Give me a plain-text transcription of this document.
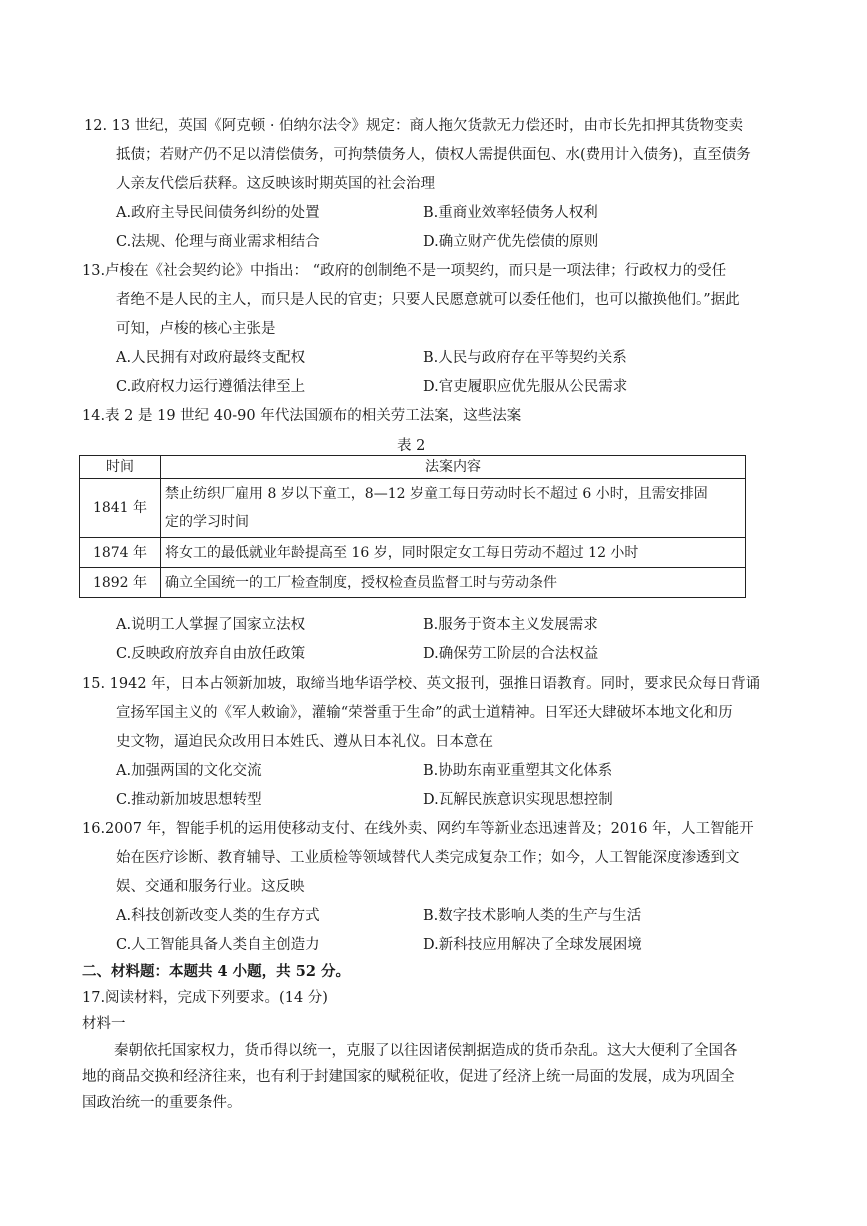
12. 13 世纪，英国《阿克顿 · 伯纳尔法令》规定：商人拖欠货款无力偿还时，由市长先扣押其货物变卖
抵债；若财产仍不足以清偿债务，可拘禁债务人，债权人需提供面包、水(费用计入债务)，直至债务
人亲友代偿后获释。这反映该时期英国的社会治理
A.政府主导民间债务纠纷的处置	B.重商业效率轻债务人权利
C.法规、伦理与商业需求相结合	D.确立财产优先偿债的原则
13.卢梭在《社会契约论》中指出： “政府的创制绝不是一项契约，而只是一项法律；行政权力的受任
者绝不是人民的主人，而只是人民的官吏；只要人民愿意就可以委任他们，也可以撤换他们。”据此
可知，卢梭的核心主张是
A.人民拥有对政府最终支配权	B.人民与政府存在平等契约关系
C.政府权力运行遵循法律至上	D.官吏履职应优先服从公民需求
14.表 2 是 19 世纪 40-90 年代法国颁布的相关劳工法案，这些法案
表 2
时间	法案内容
1841 年	禁止纺织厂雇用 8 岁以下童工，8—12 岁童工每日劳动时长不超过 6 小时，且需安排固
定的学习时间

1874 年	将女工的最低就业年龄提高至 16 岁，同时限定女工每日劳动不超过 12 小时
1892 年	确立全国统一的工厂检查制度，授权检查员监督工时与劳动条件
A.说明工人掌握了国家立法权	B.服务于资本主义发展需求
C.反映政府放弃自由放任政策	D.确保劳工阶层的合法权益
15. 1942 年，日本占领新加坡，取缔当地华语学校、英文报刊，强推日语教育。同时，要求民众每日背诵
宣扬军国主义的《军人敕谕》，灌输“荣誉重于生命”的武士道精神。日军还大肆破坏本地文化和历
史文物，逼迫民众改用日本姓氏、遵从日本礼仪。日本意在
A.加强两国的文化交流	B.协助东南亚重塑其文化体系
C.推动新加坡思想转型	D.瓦解民族意识实现思想控制
16.2007 年，智能手机的运用使移动支付、在线外卖、网约车等新业态迅速普及；2016 年，人工智能开
始在医疗诊断、教育辅导、工业质检等领域替代人类完成复杂工作；如今，人工智能深度渗透到文
娱、交通和服务行业。这反映
A.科技创新改变人类的生存方式	B.数字技术影响人类的生产与生活
C.人工智能具备人类自主创造力	D.新科技应用解决了全球发展困境
二、材料题：本题共 4 小题，共 52 分。
17.阅读材料，完成下列要求。(14 分)
材料一
秦朝依托国家权力，货币得以统一，克服了以往因诸侯割据造成的货币杂乱。这大大便利了全国各
地的商品交换和经济往来，也有利于封建国家的赋税征收，促进了经济上统一局面的发展，成为巩固全
国政治统一的重要条件。
